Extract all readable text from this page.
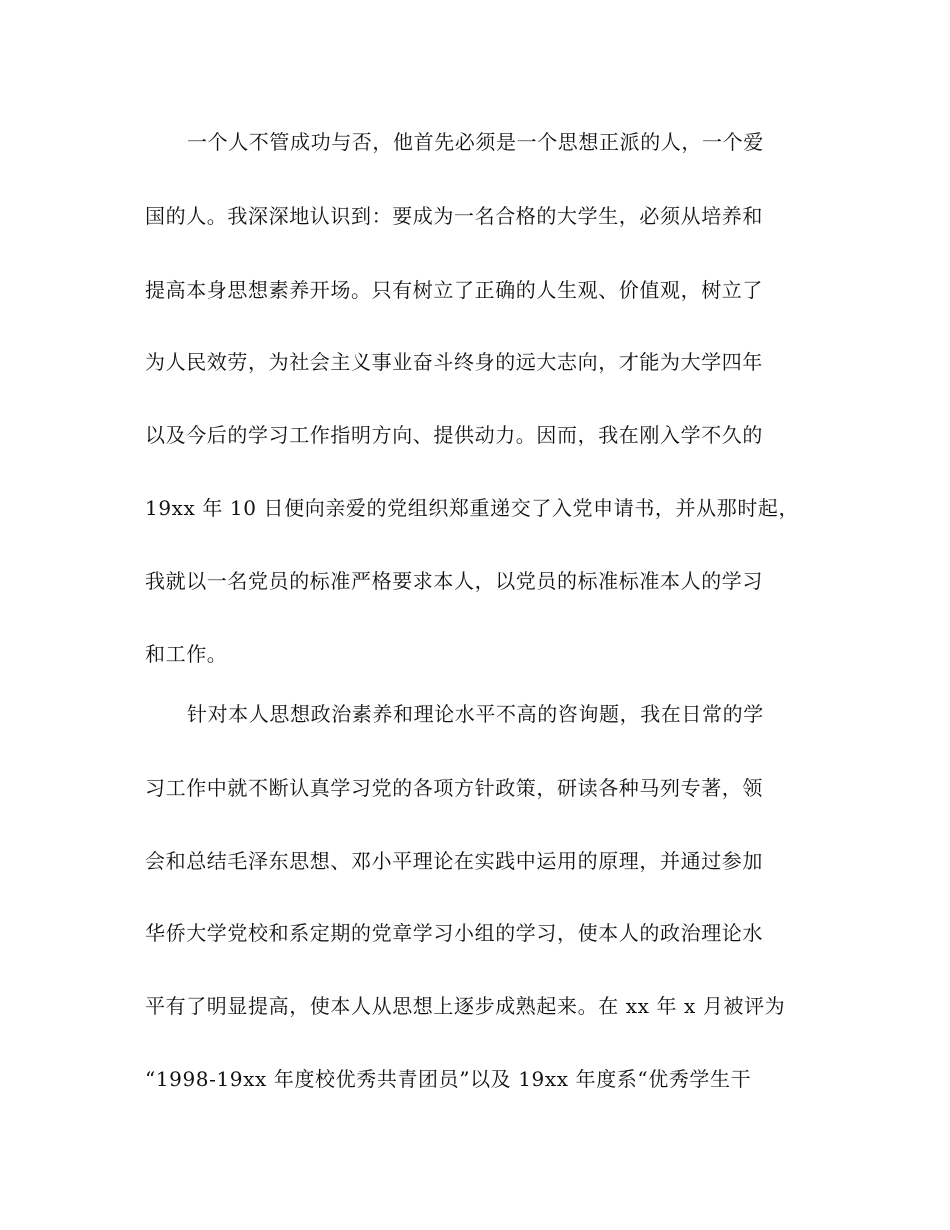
一个人不管成功与否，他首先必须是一个思想正派的人，一个爱

国的人。我深深地认识到：要成为一名合格的大学生，必须从培养和

提高本身思想素养开场。只有树立了正确的人生观、价值观，树立了

为人民效劳，为社会主义事业奋斗终身的远大志向，才能为大学四年

以及今后的学习工作指明方向、提供动力。因而，我在刚入学不久的

19xx 年 10 日便向亲爱的党组织郑重递交了入党申请书，并从那时起，

我就以一名党员的标准严格要求本人，以党员的标准标准本人的学习

和工作。

针对本人思想政治素养和理论水平不高的咨询题，我在日常的学

习工作中就不断认真学习党的各项方针政策，研读各种马列专著，领

会和总结毛泽东思想、邓小平理论在实践中运用的原理，并通过参加

华侨大学党校和系定期的党章学习小组的学习，使本人的政治理论水

平有了明显提高，使本人从思想上逐步成熟起来。在 xx 年 x 月被评为

“1998-19xx 年度校优秀共青团员”以及 19xx 年度系“优秀学生干
